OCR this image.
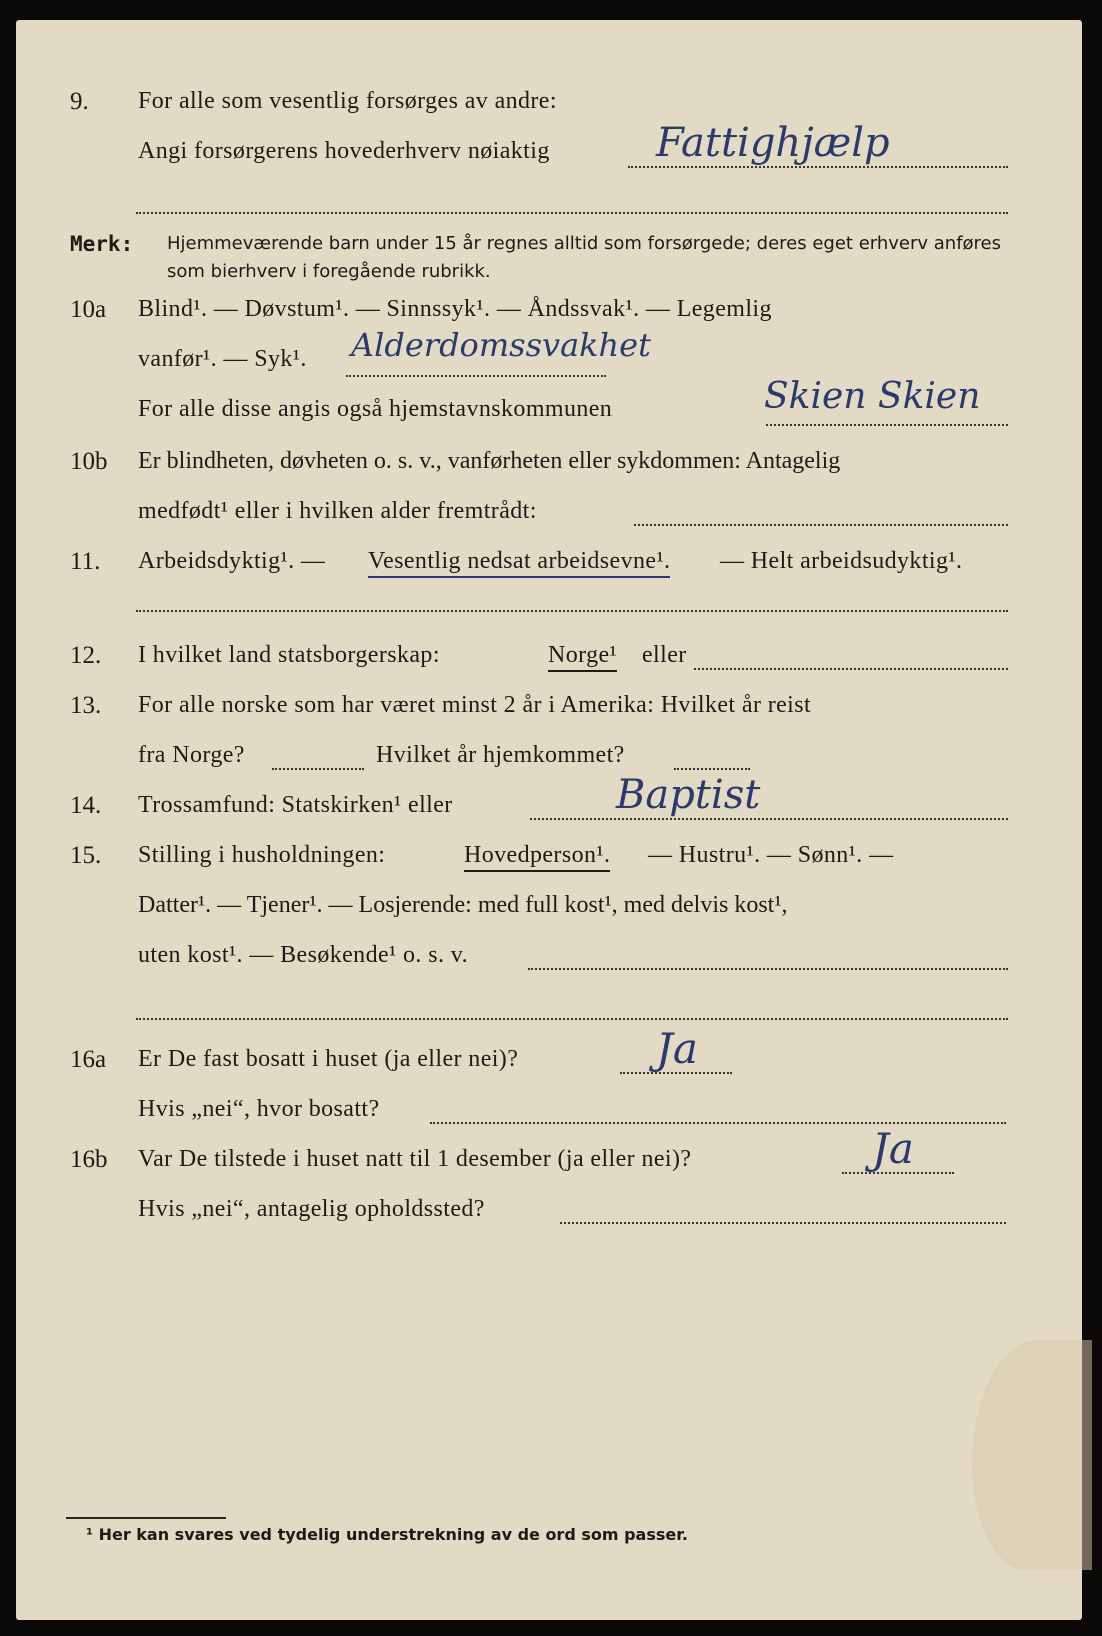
9. For alle som vesentlig forsørges av andre:
Angi forsørgerens hovederhverv nøiaktig	Fattighjælp
Merk: Hjemmeværende barn under 15 år regnes alltid som forsørgede; deres eget erhverv anføres som bierhverv i foregående rubrikk.
10a Blind¹. — Døvstum¹. — Sinnssyk¹. — Åndssvak¹. — Legemlig
vanfør¹. — Syk¹. Alderdomssvakhet
For alle disse angis også hjemstavnskommunen	Skien Skien
10b Er blindheten, døvheten o. s. v., vanførheten eller sykdommen: Antagelig
medfødt¹ eller i hvilken alder fremtrådt:
11. Arbeidsdyktig¹. — Vesentlig nedsat arbeidsevne¹. — Helt arbeidsudyktig¹.
12. I hvilket land statsborgerskap:	Norge¹ eller
13. For alle norske som har været minst 2 år i Amerika: Hvilket år reist
fra Norge?	Hvilket år hjemkommet?
14. Trossamfund: Statskirken¹ eller	Baptist
15. Stilling i husholdningen:	Hovedperson¹. — Hustru¹. — Sønn¹. —
Datter¹. — Tjener¹. — Losjerende: med full kost¹, med delvis kost¹,
uten kost¹. — Besøkende¹ o. s. v.
16a Er De fast bosatt i huset (ja eller nei)?	Ja
Hvis „nei“, hvor bosatt?
16b Var De tilstede i huset natt til 1 desember (ja eller nei)?	Ja
Hvis „nei“, antagelig opholdssted?
¹ Her kan svares ved tydelig understrekning av de ord som passer.
